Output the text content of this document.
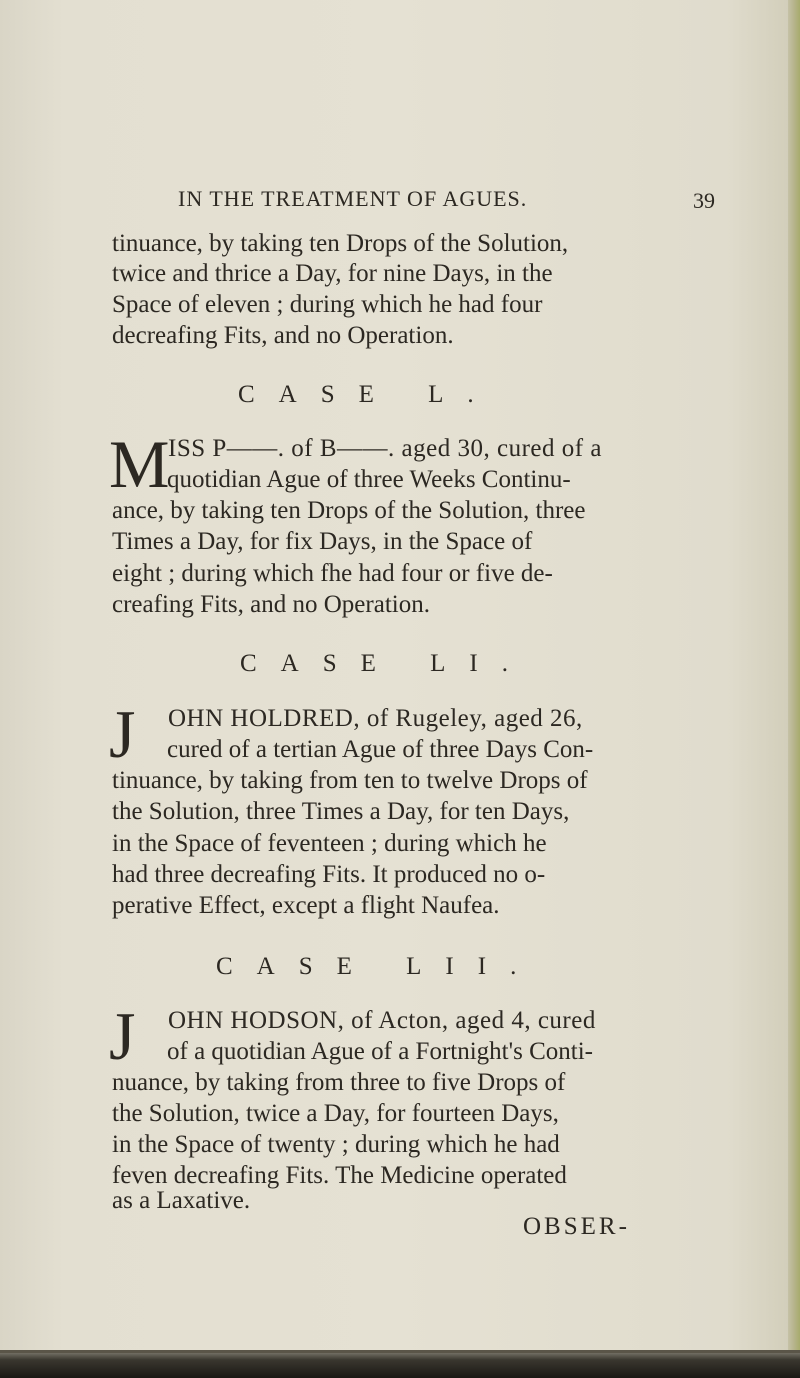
IN THE TREATMENT OF AGUES.	39
tinuance, by taking ten Drops of the Solution,
twice and thrice a Day, for nine Days, in the
Space of eleven ; during which he had four
decreafing Fits, and no Operation.
CASE L.
M
ISS P——. of B——. aged 30, cured of a
quotidian Ague of three Weeks Continu-
ance, by taking ten Drops of the Solution, three
Times a Day, for fix Days, in the Space of
eight ; during which fhe had four or five de-
creafing Fits, and no Operation.
CASE LI.
J OHN HOLDRED, of Rugeley, aged 26,
cured of a tertian Ague of three Days Con-
tinuance, by taking from ten to twelve Drops of
the Solution, three Times a Day, for ten Days,
in the Space of feventeen ; during which he
had three decreafing Fits. It produced no o-
perative Effect, except a flight Naufea.
CASE LII.
J OHN HODSON, of Acton, aged 4, cured
of a quotidian Ague of a Fortnight's Conti-
nuance, by taking from three to five Drops of
the Solution, twice a Day, for fourteen Days,
in the Space of twenty ; during which he had
feven decreafing Fits. The Medicine operated
as a Laxative.
OBSER-
